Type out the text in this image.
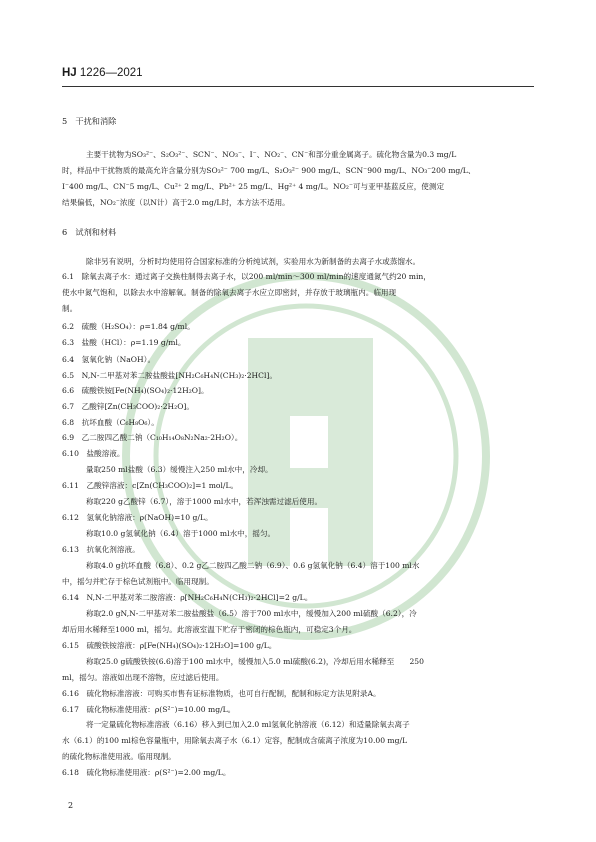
HJ 1226—2021
5　干扰和消除
主要干扰物为SO₃²⁻、S₂O₃²⁻、SCN⁻、NO₃⁻、I⁻、NO₂⁻、CN⁻和部分重金属离子。硫化物含量为0.3 mg/L
时，样品中干扰物质的最高允许含量分别为SO₃²⁻ 700 mg/L、S₂O₃²⁻ 900 mg/L、SCN⁻900 mg/L、NO₃⁻200 mg/L、
I⁻400 mg/L、CN⁻5 mg/L、Cu²⁺ 2 mg/L、Pb²⁺ 25 mg/L、Hg²⁺ 4 mg/L。NO₂⁻可与亚甲基蓝反应，使测定
结果偏低，NO₂⁻浓度（以N计）高于2.0 mg/L时，本方法不适用。
6　试剂和材料
除非另有说明，分析时均使用符合国家标准的分析纯试剂，实验用水为新制备的去离子水或蒸馏水。
6.1　除氧去离子水：通过离子交换柱制得去离子水，以200 ml/min～300 ml/min的速度通氮气约20 min，
使水中氮气饱和，以除去水中溶解氧。制备的除氧去离子水应立即密封，并存放于玻璃瓶内。临用现
制。
6.2　硫酸（H₂SO₄）：ρ=1.84 g/ml。
6.3　盐酸（HCl）：ρ=1.19 g/ml。
6.4　氢氧化钠（NaOH）。
6.5　N,N-二甲基对苯二胺盐酸盐[NH₂C₆H₄N(CH₃)₂·2HCl]。
6.6　硫酸铁铵[Fe(NH₄)(SO₄)₂·12H₂O]。
6.7　乙酸锌[Zn(CH₃COO)₂·2H₂O]。
6.8　抗坏血酸（C₆H₈O₆）。
6.9　乙二胺四乙酸二钠（C₁₀H₁₄O₈N₂Na₂·2H₂O）。
6.10　盐酸溶液。
量取250 ml盐酸（6.3）缓慢注入250 ml水中，冷却。
6.11　乙酸锌溶液：c[Zn(CH₃COO)₂]=1 mol/L。
称取220 g乙酸锌（6.7），溶于1000 ml水中，若浑浊需过滤后使用。
6.12　氢氧化钠溶液：ρ(NaOH)=10 g/L。
称取10.0 g氢氧化钠（6.4）溶于1000 ml水中，摇匀。
6.13　抗氧化剂溶液。
称取4.0 g抗坏血酸（6.8）、0.2 g乙二胺四乙酸二钠（6.9）、0.6 g氢氧化钠（6.4）溶于100 ml水
中，摇匀并贮存于棕色试剂瓶中。临用现制。
6.14　N,N-二甲基对苯二胺溶液：ρ[NH₂C₆H₄N(CH₃)₂·2HCl]=2 g/L。
称取2.0 gN,N-二甲基对苯二胺盐酸盐（6.5）溶于700 ml水中，缓慢加入200 ml硫酸（6.2），冷
却后用水稀释至1000 ml，摇匀。此溶液室温下贮存于密闭的棕色瓶内，可稳定3个月。
6.15　硫酸铁铵溶液：ρ[Fe(NH₄)(SO₄)₂·12H₂O]=100 g/L。
称取25.0 g硫酸铁铵(6.6)溶于100 ml水中，缓慢加入5.0 ml硫酸(6.2)，冷却后用水稀释至　　250
ml，摇匀。溶液如出现不溶物，应过滤后使用。
6.16　硫化物标准溶液：可购买市售有证标准物质，也可自行配制，配制和标定方法见附录A。
6.17　硫化物标准使用液：ρ(S²⁻)=10.00 mg/L。
将一定量硫化物标准溶液（6.16）移入到已加入2.0 ml氢氧化钠溶液（6.12）和适量除氧去离子
水（6.1）的100 ml棕色容量瓶中，用除氧去离子水（6.1）定容，配制成含硫离子浓度为10.00 mg/L
的硫化物标准使用液。临用现制。
6.18　硫化物标准使用液：ρ(S²⁻)=2.00 mg/L。
2
